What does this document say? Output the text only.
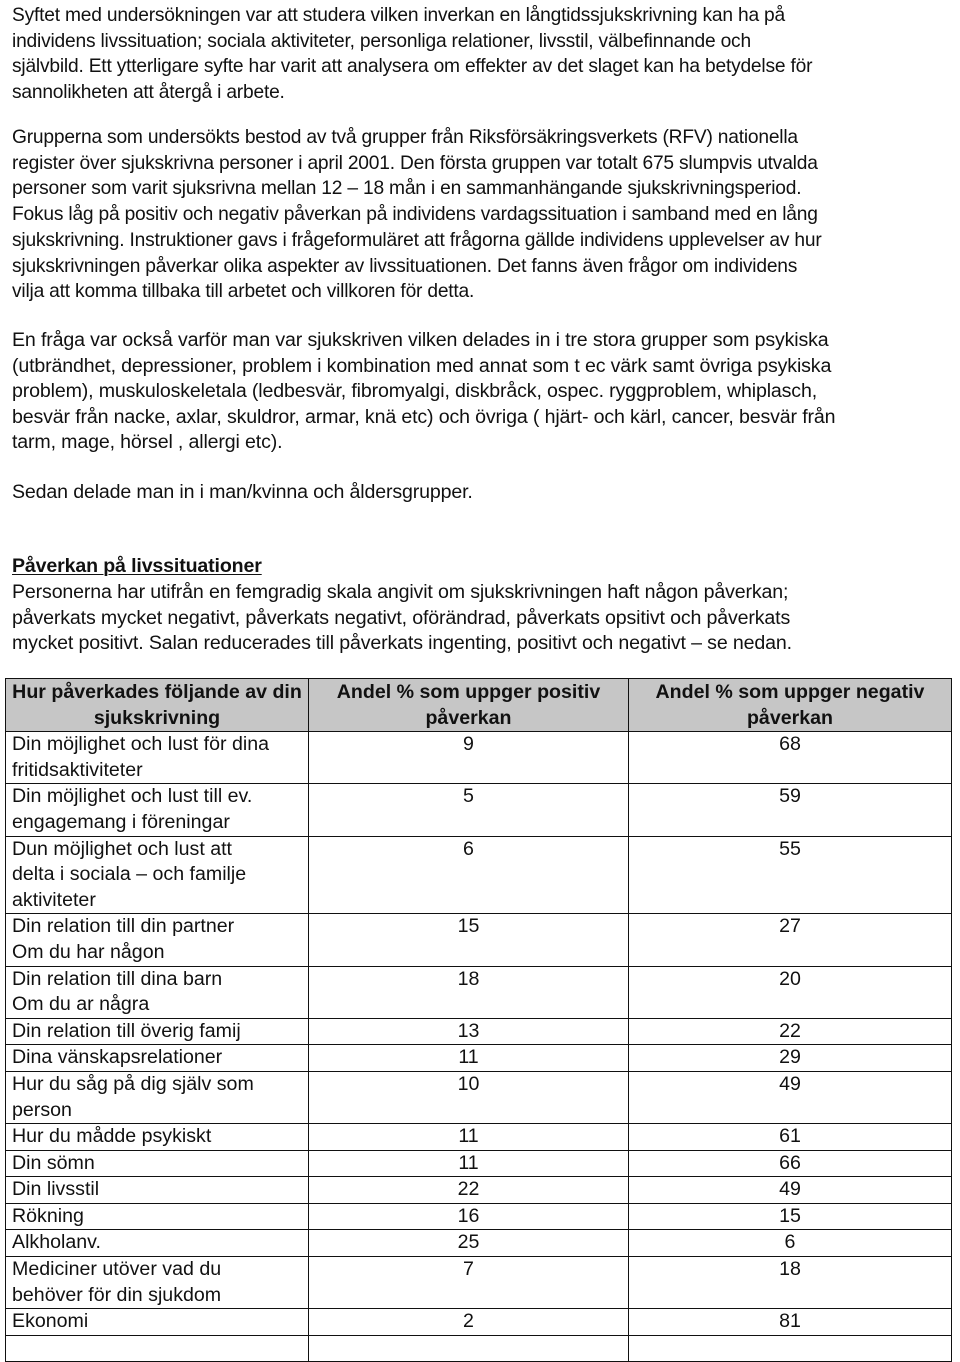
Syftet med undersökningen var att studera vilken inverkan en långtidssjukskrivning kan ha på
individens livssituation; sociala aktiviteter, personliga relationer, livsstil, välbefinnande och
självbild. Ett ytterligare syfte har varit att analysera om effekter av det slaget kan ha betydelse för
sannolikheten att återgå i arbete.

Grupperna som undersökts bestod av två grupper från Riksförsäkringsverkets (RFV) nationella
register över sjukskrivna personer i april 2001. Den första gruppen var totalt 675 slumpvis utvalda
personer som varit sjuksrivna mellan 12 – 18 mån i en sammanhängande sjukskrivningsperiod.
Fokus låg på positiv och negativ påverkan på individens vardagssituation i samband med en lång
sjukskrivning. Instruktioner gavs i frågeformuläret att frågorna gällde individens upplevelser av hur
sjukskrivningen påverkar olika aspekter av livssituationen. Det fanns även frågor om individens
vilja att komma tillbaka till arbetet och villkoren för detta.

En fråga var också varför man var sjukskriven vilken delades in i tre stora grupper som psykiska
(utbrändhet, depressioner, problem i kombination med annat som t ec värk samt övriga psykiska
problem), muskuloskeletala (ledbesvär, fibromyalgi, diskbråck, ospec. ryggproblem, whiplasch,
besvär från nacke, axlar, skuldror, armar, knä etc) och övriga ( hjärt- och kärl, cancer, besvär från
tarm, mage, hörsel , allergi etc).

Sedan delade man in i man/kvinna och åldersgrupper.

Påverkan på livssituationer

Personerna har utifrån en femgradig skala angivit om sjukskrivningen haft någon påverkan;
påverkats mycket negativt, påverkats negativt, oförändrad, påverkats opsitivt och påverkats
mycket positivt. Salan reducerades till påverkats ingenting, positivt och negativt – se nedan.

Hur påverkades följande av din sjukskrivning	Andel % som uppger positiv påverkan	Andel % som uppger negativ påverkan
Din möjlighet och lust för dina
fritidsaktiviteter	9	68
Din möjlighet och lust till ev.
engagemang i föreningar	5	59
Dun möjlighet och lust att
delta i sociala – och familje
aktiviteter	6	55
Din relation till din partner
Om du har någon	15	27
Din relation till dina barn
Om du ar några	18	20
Din relation till överig famij	13	22
Dina vänskapsrelationer	11	29
Hur du såg på dig själv som
person	10	49
Hur du mådde psykiskt	11	61
Din sömn	11	66
Din livsstil	22	49
Rökning	16	15
Alkholanv.	25	6
Mediciner utöver vad du
behöver för din sjukdom	7	18
Ekonomi	2	81
